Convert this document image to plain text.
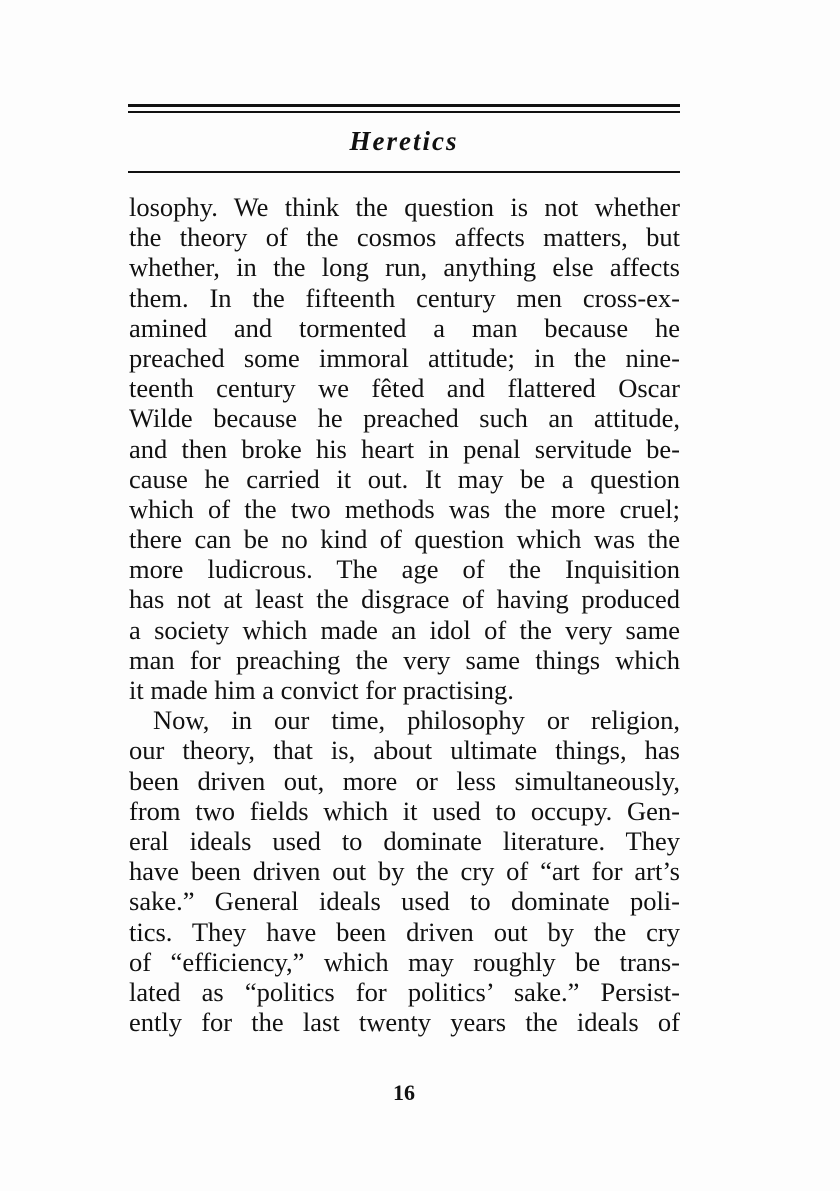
Heretics
losophy. We think the question is not whether
the theory of the cosmos affects matters, but
whether, in the long run, anything else affects
them. In the fifteenth century men cross-ex-
amined and tormented a man because he
preached some immoral attitude; in the nine-
teenth century we fêted and flattered Oscar
Wilde because he preached such an attitude,
and then broke his heart in penal servitude be-
cause he carried it out. It may be a question
which of the two methods was the more cruel;
there can be no kind of question which was the
more ludicrous. The age of the Inquisition
has not at least the disgrace of having produced
a society which made an idol of the very same
man for preaching the very same things which
it made him a convict for practising.
Now, in our time, philosophy or religion,
our theory, that is, about ultimate things, has
been driven out, more or less simultaneously,
from two fields which it used to occupy. Gen-
eral ideals used to dominate literature. They
have been driven out by the cry of “art for art’s
sake.” General ideals used to dominate poli-
tics. They have been driven out by the cry
of “efficiency,” which may roughly be trans-
lated as “politics for politics’ sake.” Persist-
ently for the last twenty years the ideals of
16
